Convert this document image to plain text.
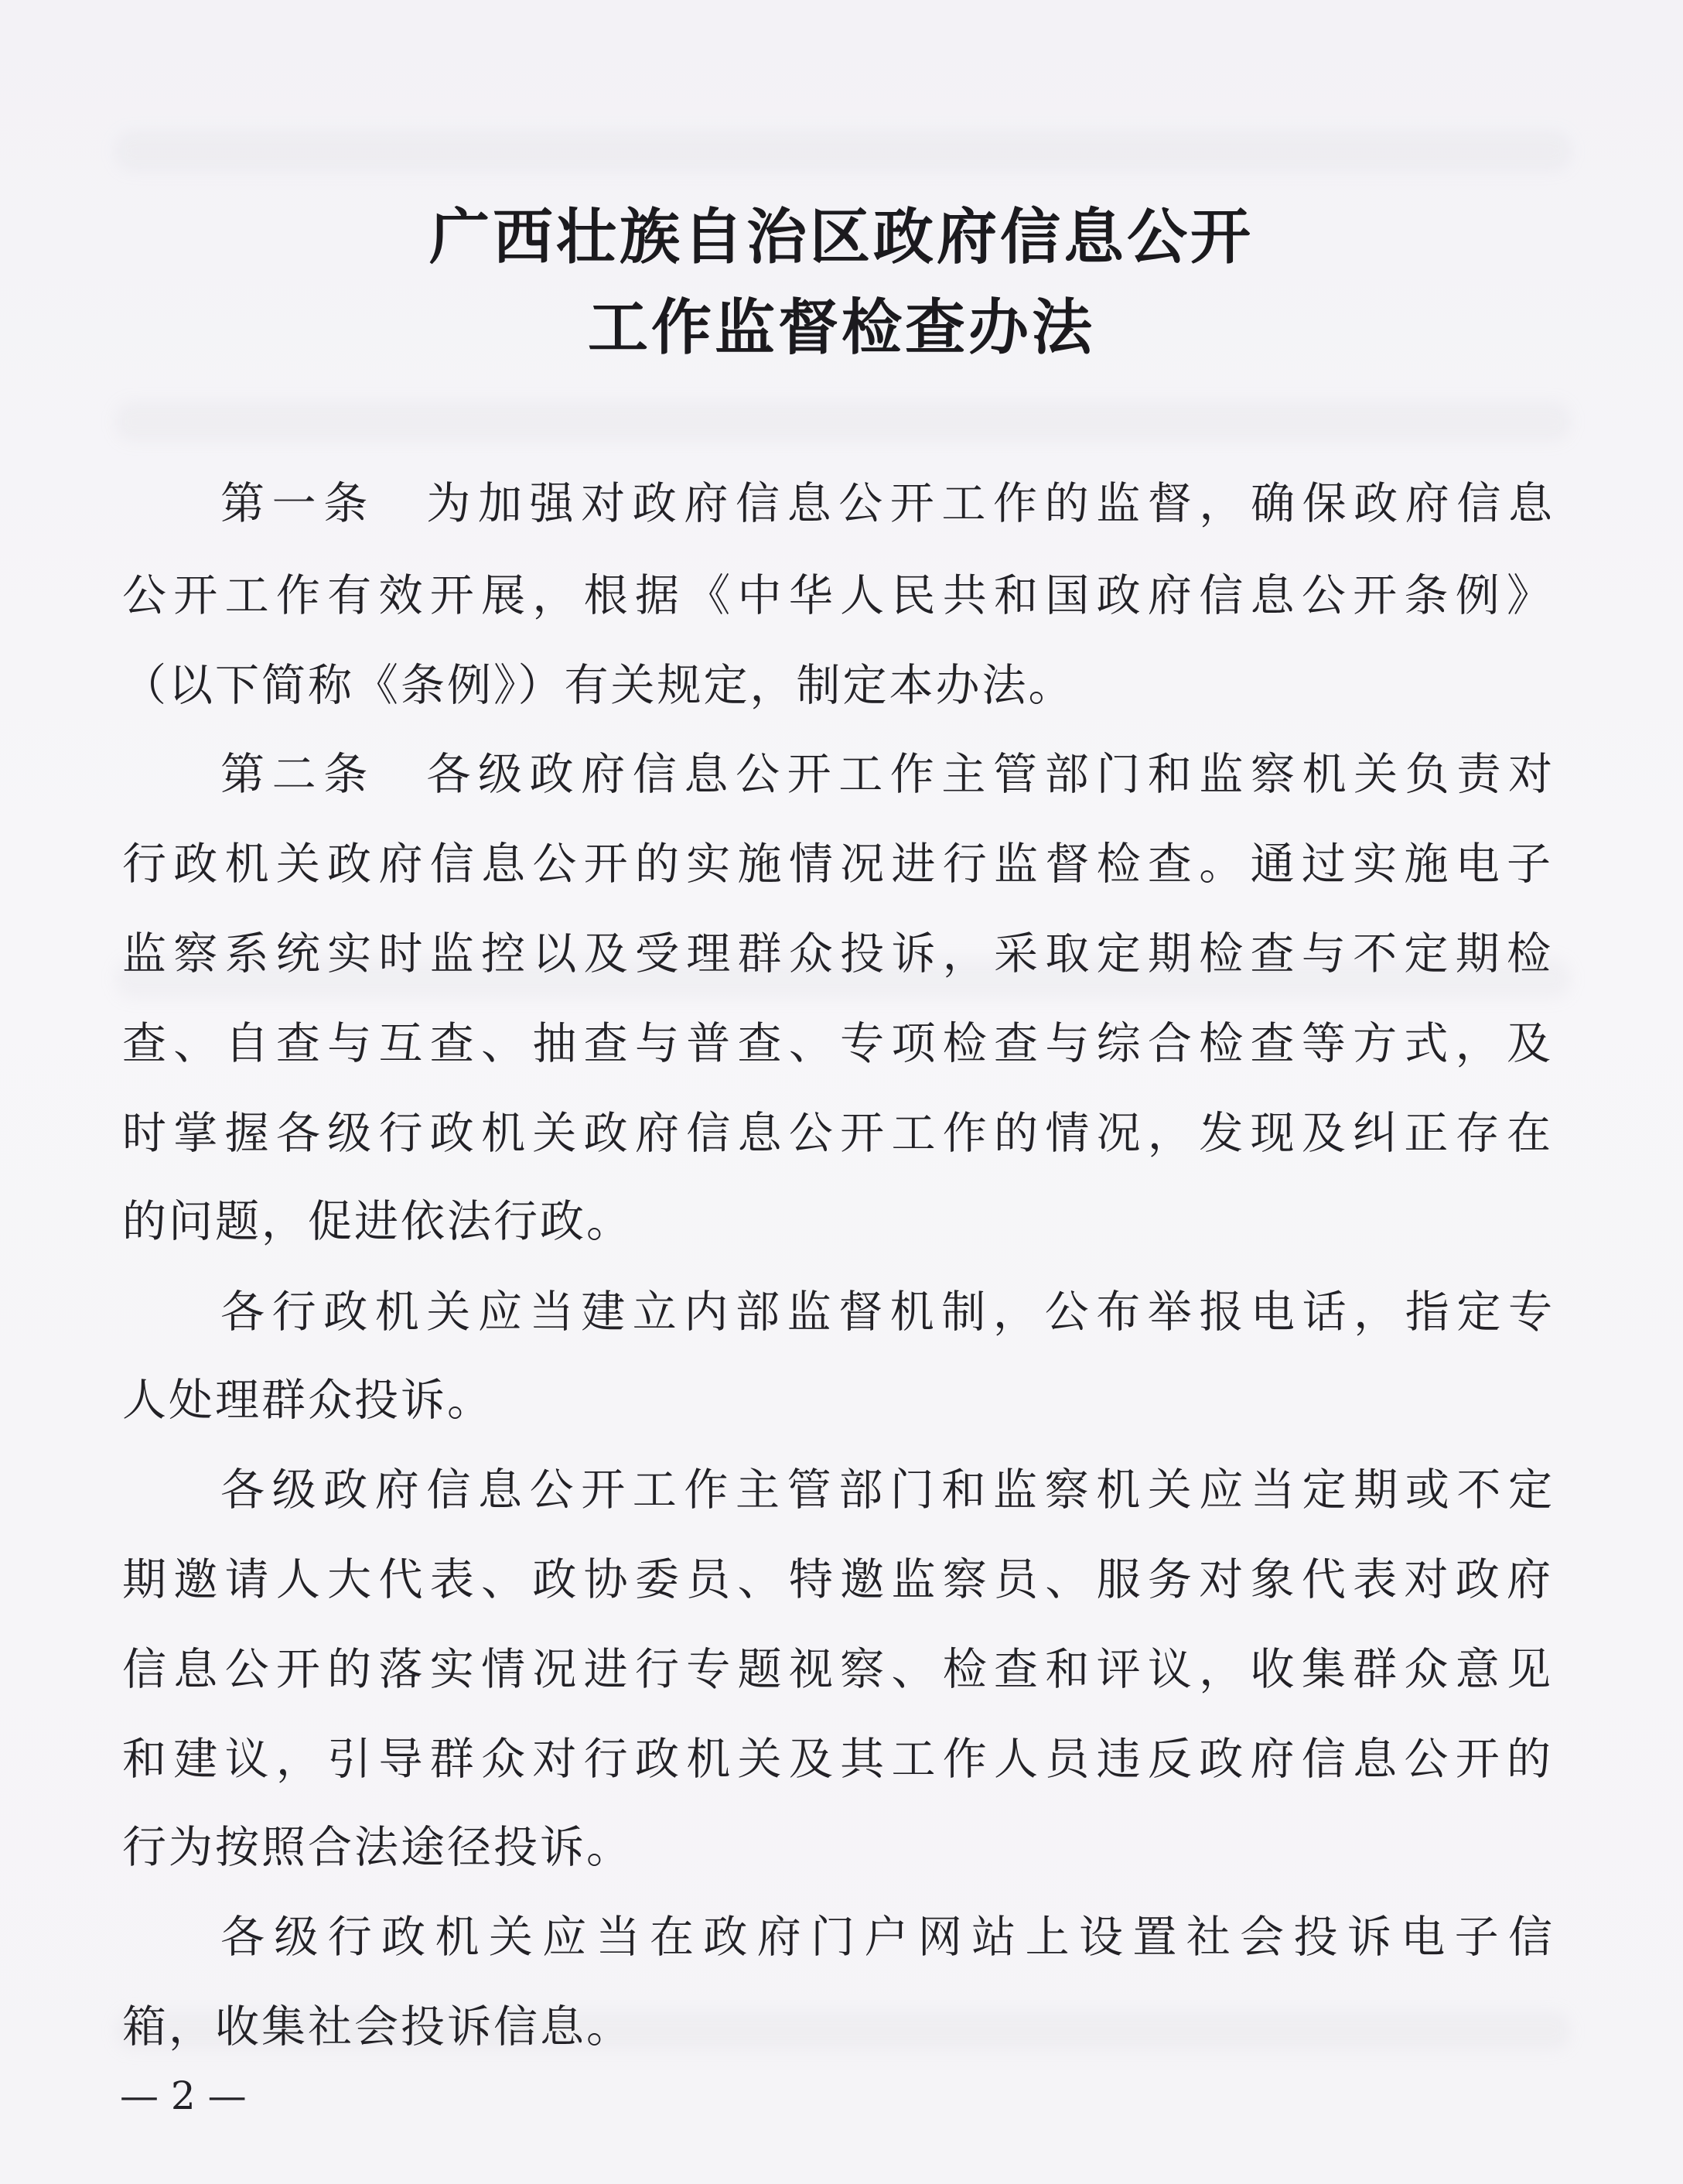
广西壮族自治区政府信息公开
工作监督检查办法
第一条　为加强对政府信息公开工作的监督，确保政府信息
公开工作有效开展，根据《中华人民共和国政府信息公开条例》
（以下简称《条例》）有关规定，制定本办法。
第二条　各级政府信息公开工作主管部门和监察机关负责对
行政机关政府信息公开的实施情况进行监督检查。通过实施电子
监察系统实时监控以及受理群众投诉，采取定期检查与不定期检
查、自查与互查、抽查与普查、专项检查与综合检查等方式，及
时掌握各级行政机关政府信息公开工作的情况，发现及纠正存在
的问题，促进依法行政。
各行政机关应当建立内部监督机制，公布举报电话，指定专
人处理群众投诉。
各级政府信息公开工作主管部门和监察机关应当定期或不定
期邀请人大代表、政协委员、特邀监察员、服务对象代表对政府
信息公开的落实情况进行专题视察、检查和评议，收集群众意见
和建议，引导群众对行政机关及其工作人员违反政府信息公开的
行为按照合法途径投诉。
各级行政机关应当在政府门户网站上设置社会投诉电子信
箱，收集社会投诉信息。
— 2 —
